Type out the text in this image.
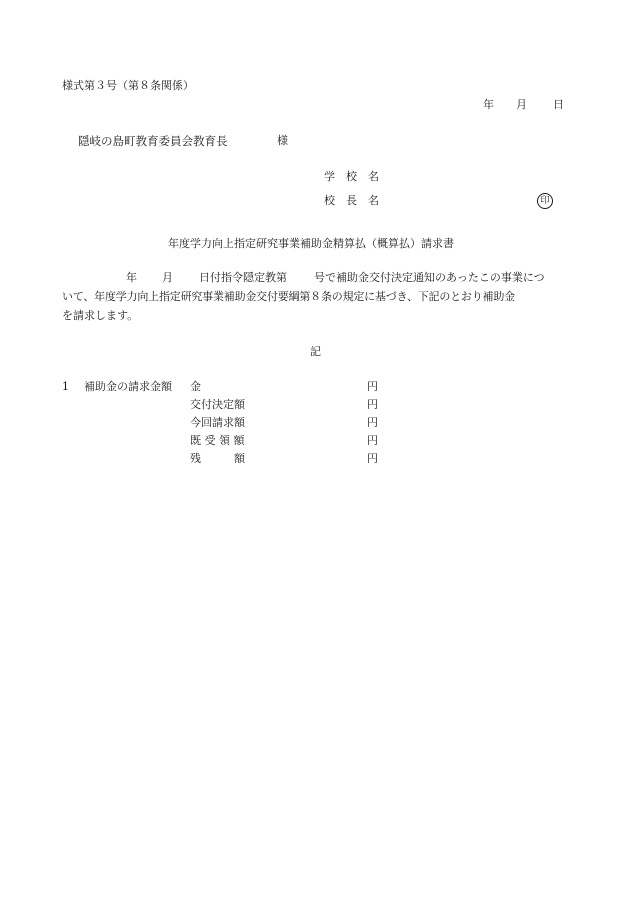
様式第３号（第８条関係）
年 月 日
隠岐の島町教育委員会教育長	様
学　校　名
校　長　名	印
年度学力向上指定研究事業補助金精算払（概算払）請求書
年 月 日付指令隠定教第 号で補助金交付決定通知のあったこの事業につ
いて、年度学力向上指定研究事業補助金交付要綱第８条の規定に基づき、下記のとおり補助金
を請求します。
記
1 補助金の請求金額 金	円
交付決定額	円
今回請求額	円
既 受 領 額	円
残　　　額	円
